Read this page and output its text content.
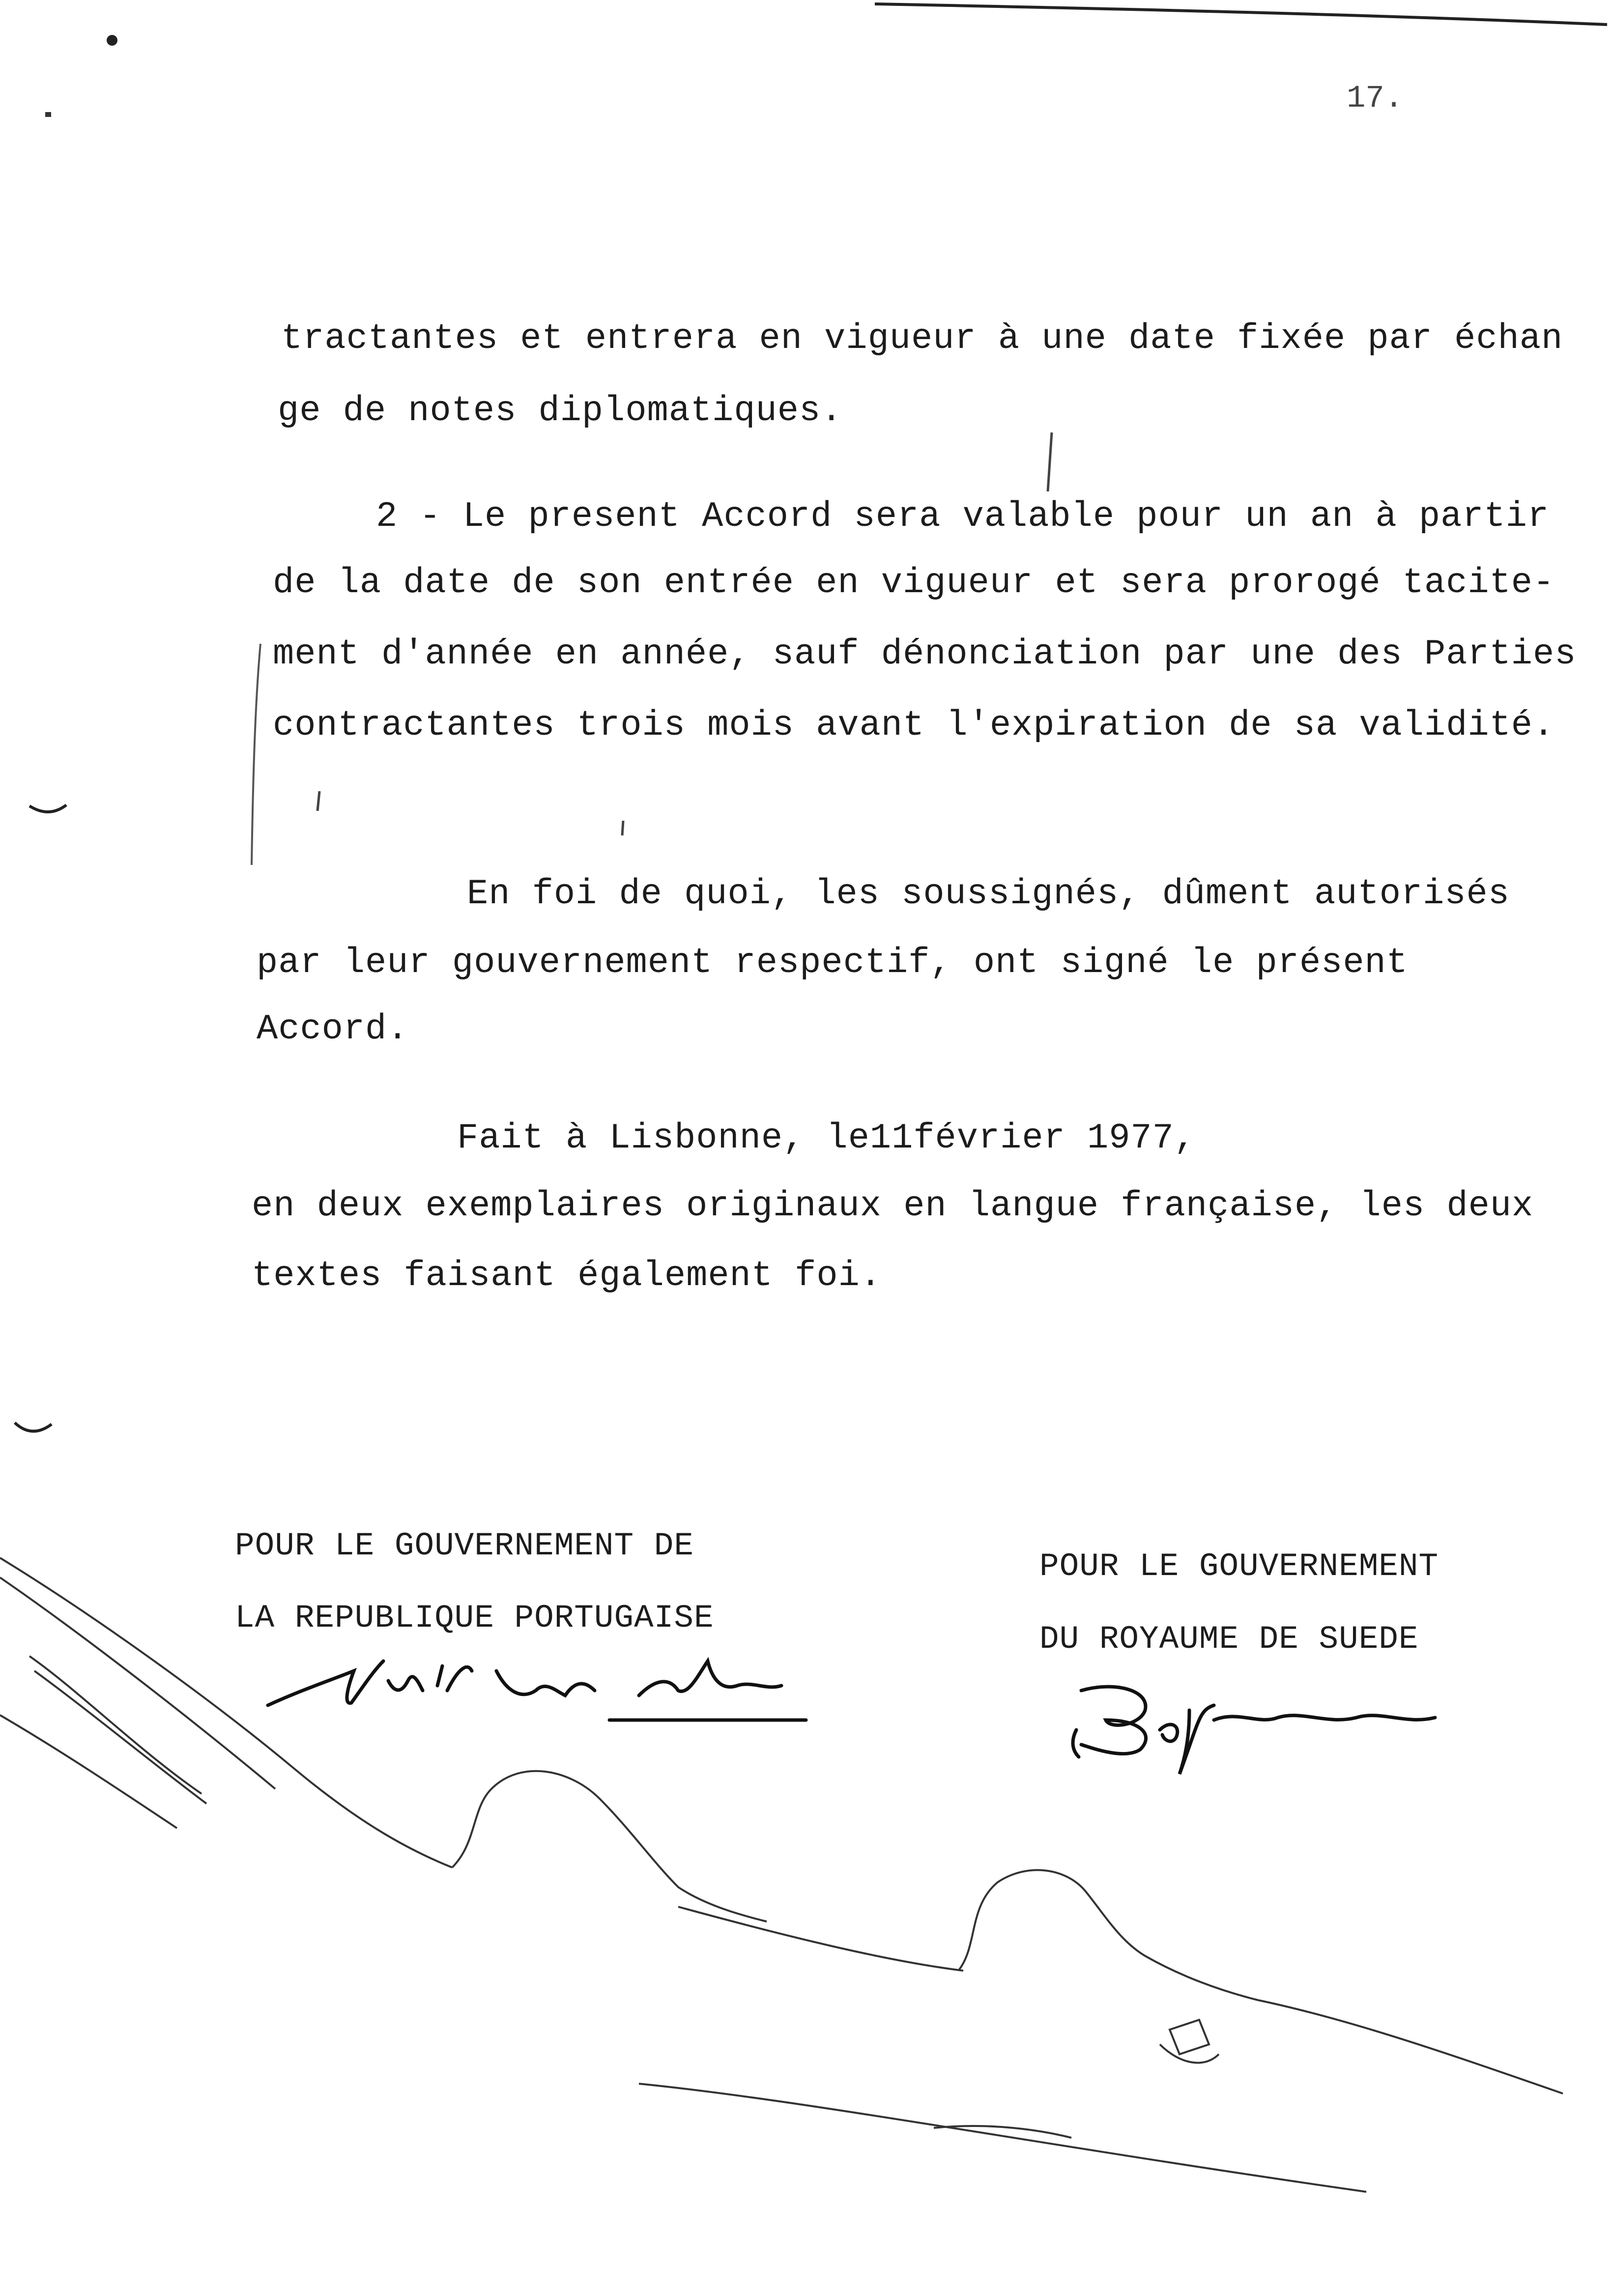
17.
tractantes et entrera en vigueur à une date fixée par échan
ge de notes diplomatiques.
2 - Le present Accord sera valable pour un an à partir
de la date de son entrée en vigueur et sera prorogé tacite-
ment d'année en année, sauf dénonciation par une des Parties
contractantes trois mois avant l'expiration de sa validité.
En foi de quoi, les soussignés, dûment autorisés
par leur gouvernement respectif, ont signé le présent
Accord.
Fait à Lisbonne, le11février 1977,
en deux exemplaires originaux en langue française, les deux
textes faisant également foi.
POUR LE GOUVERNEMENT DE
LA REPUBLIQUE PORTUGAISE
POUR LE GOUVERNEMENT
DU ROYAUME DE SUEDE
